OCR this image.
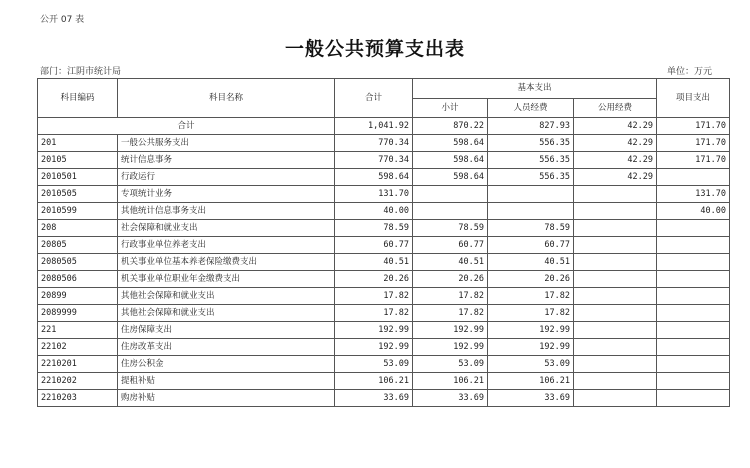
公开 07 表
一般公共预算支出表
部门：江阴市统计局	单位：万元
科目编码	科目名称	合计	基本支出			项目支出
			小计	人员经费	公用经费	
合计		1,041.92	870.22	827.93	42.29	171.70
201	一般公共服务支出	770.34	598.64	556.35	42.29	171.70
20105	统计信息事务	770.34	598.64	556.35	42.29	171.70
2010501	行政运行	598.64	598.64	556.35	42.29	
2010505	专项统计业务	131.70				131.70
2010599	其他统计信息事务支出	40.00				40.00
208	社会保障和就业支出	78.59	78.59	78.59		
20805	行政事业单位养老支出	60.77	60.77	60.77		
2080505	机关事业单位基本养老保险缴费支出	40.51	40.51	40.51		
2080506	机关事业单位职业年金缴费支出	20.26	20.26	20.26		
20899	其他社会保障和就业支出	17.82	17.82	17.82		
2089999	其他社会保障和就业支出	17.82	17.82	17.82		
221	住房保障支出	192.99	192.99	192.99		
22102	住房改革支出	192.99	192.99	192.99		
2210201	住房公积金	53.09	53.09	53.09		
2210202	提租补贴	106.21	106.21	106.21		
2210203	购房补贴	33.69	33.69	33.69		
